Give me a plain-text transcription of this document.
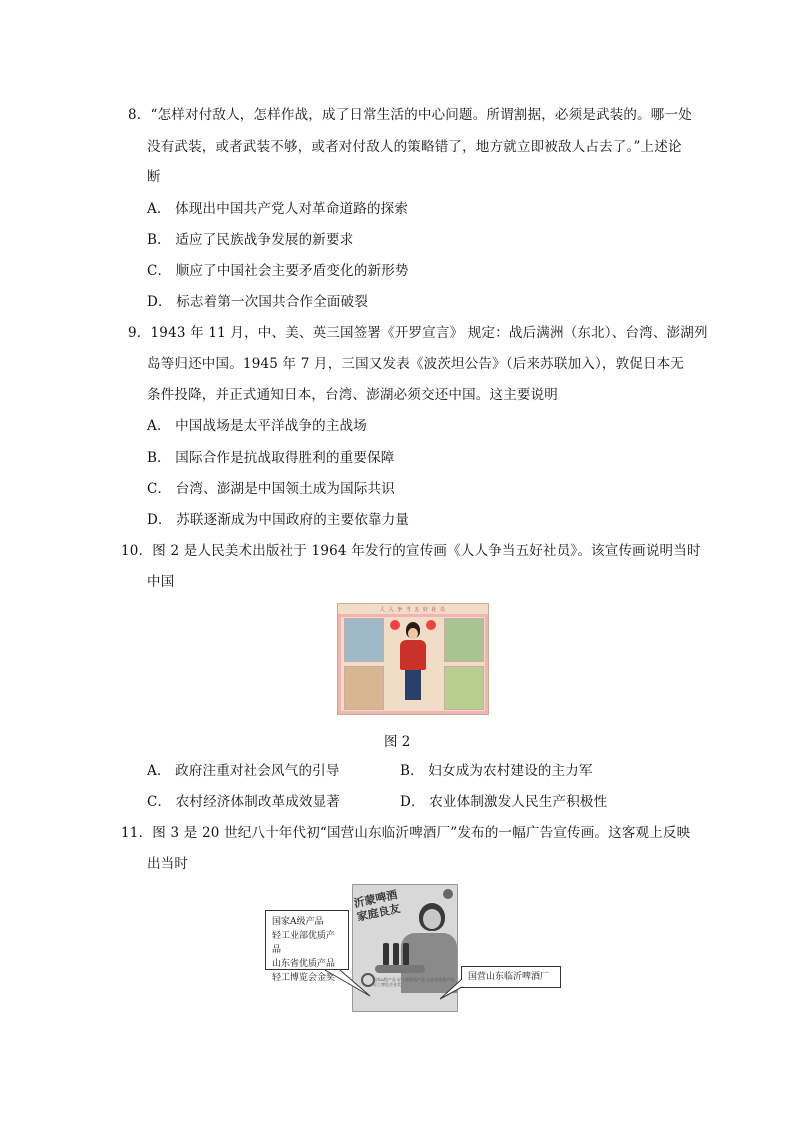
8．“怎样对付敌人，怎样作战，成了日常生活的中心问题。所谓割据，必须是武装的。哪一处
没有武装，或者武装不够，或者对付敌人的策略错了，地方就立即被敌人占去了。”上述论
断
A． 体现出中国共产党人对革命道路的探索
B． 适应了民族战争发展的新要求
C． 顺应了中国社会主要矛盾变化的新形势
D． 标志着第一次国共合作全面破裂
9．1943 年 11 月，中、美、英三国签署《开罗宣言》 规定：战后满洲（东北）、台湾、澎湖列
岛等归还中国。1945 年 7 月，三国又发表《波茨坦公告》（后来苏联加入），敦促日本无
条件投降，并正式通知日本，台湾、澎湖必须交还中国。这主要说明
A． 中国战场是太平洋战争的主战场
B． 国际合作是抗战取得胜利的重要保障
C． 台湾、澎湖是中国领土成为国际共识
D． 苏联逐渐成为中国政府的主要依靠力量
10．图 2 是人民美术出版社于 1964 年发行的宣传画《人人争当五好社员》。该宣传画说明当时
中国
人 人 争 当 五 好 社 员
图 2
A． 政府注重对社会风气的引导	B． 妇女成为农村建设的主力军
C． 农村经济体制改革成效显著	D． 农业体制激发人民生产积极性
11．图 3 是 20 世纪八十年代初“国营山东临沂啤酒厂”发布的一幅广告宣传画。这客观上反映
出当时
沂蒙啤酒 家庭良友
国家A级产品 轻工部优质产品 山东省优质产品 轻工博览会金奖
国家A级产品
轻工业部优质产品
山东省优质产品
轻工博览会金奖	国营山东临沂啤酒厂
